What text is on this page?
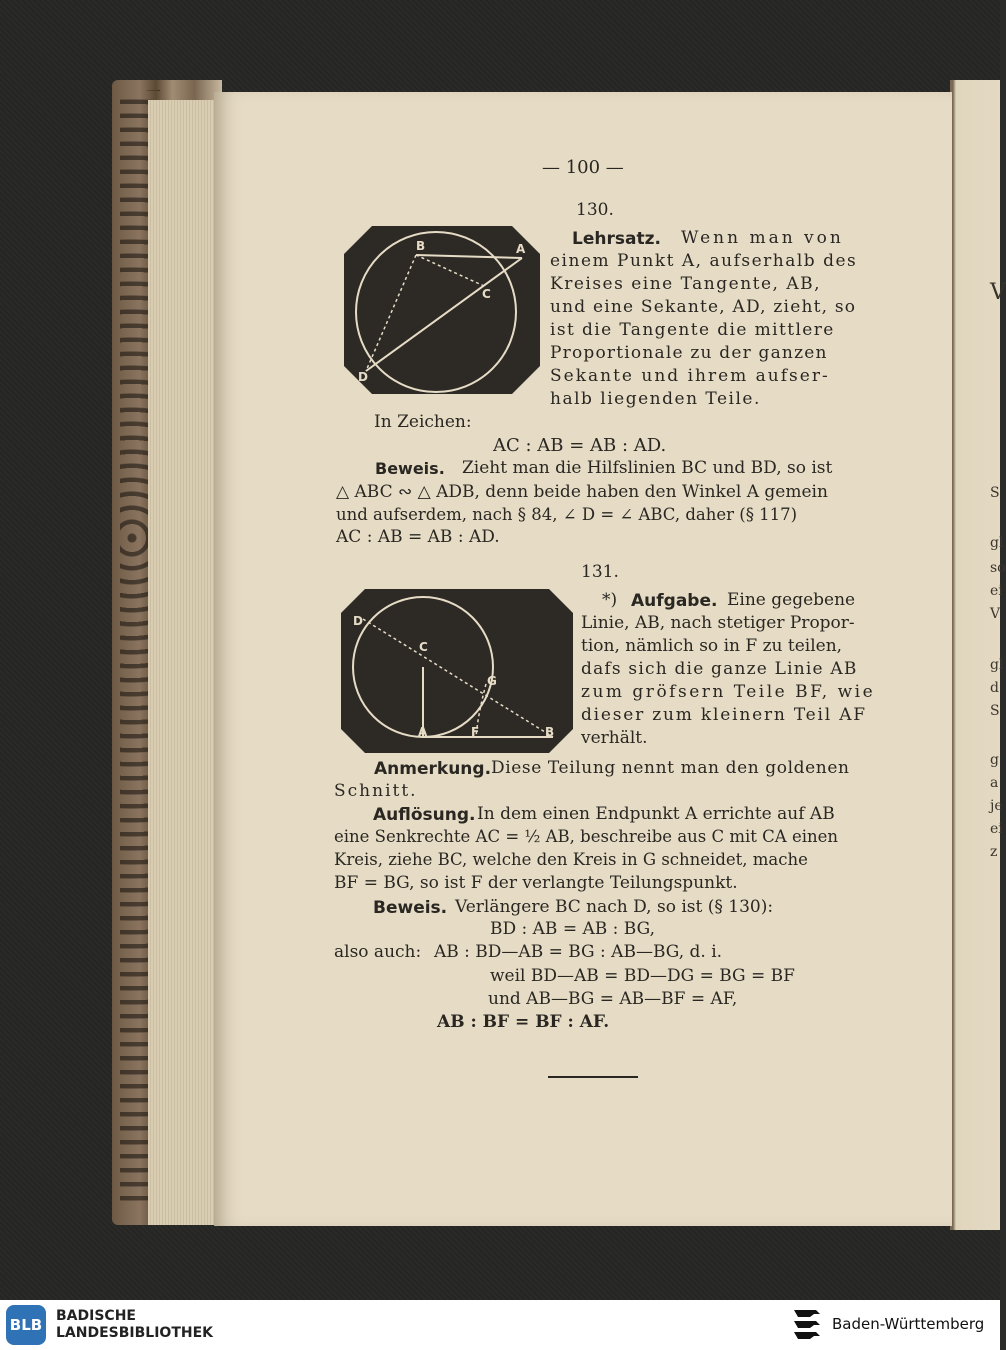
V
S
gl
so
ei
V
gl
d
S
g
a
je
ei
z
— 100 —
130.
B	A
C
D
Lehrsatz. Wenn man von
einem Punkt A, aufserhalb des
Kreises eine Tangente, AB,
und eine Sekante, AD, zieht, so
ist die Tangente die mittlere
Proportionale zu der ganzen
Sekante und ihrem aufser-
halb liegenden Teile.
In Zeichen:
AC : AB = AB : AD.
Beweis. Zieht man die Hilfslinien BC und BD, so ist
△ ABC ∾ △ ADB, denn beide haben den Winkel A gemein
und aufserdem, nach § 84, ∠ D = ∠ ABC, daher (§ 117)
AC : AB = AB : AD.
131.
D
C
G
A	F	B
*) Aufgabe. Eine gegebene
Linie, AB, nach stetiger Propor-
tion, nämlich so in F zu teilen,
dafs sich die ganze Linie AB
zum gröfsern Teile BF, wie
dieser zum kleinern Teil AF
verhält.
Anmerkung. Diese Teilung nennt man den goldenen
Schnitt.
Auflösung. In dem einen Endpunkt A errichte auf AB
eine Senkrechte AC = ½ AB, beschreibe aus C mit CA einen
Kreis, ziehe BC, welche den Kreis in G schneidet, mache
BF = BG, so ist F der verlangte Teilungspunkt.
Beweis. Verlängere BC nach D, so ist (§ 130):
BD : AB = AB : BG,
also auch: AB : BD—AB = BG : AB—BG, d. i.
weil BD—AB = BD—DG = BG = BF
und AB—BG = AB—BF = AF,
AB : BF = BF : AF.
BLB BADISCHE
LANDESBIBLIOTHEK	Baden-Württemberg
